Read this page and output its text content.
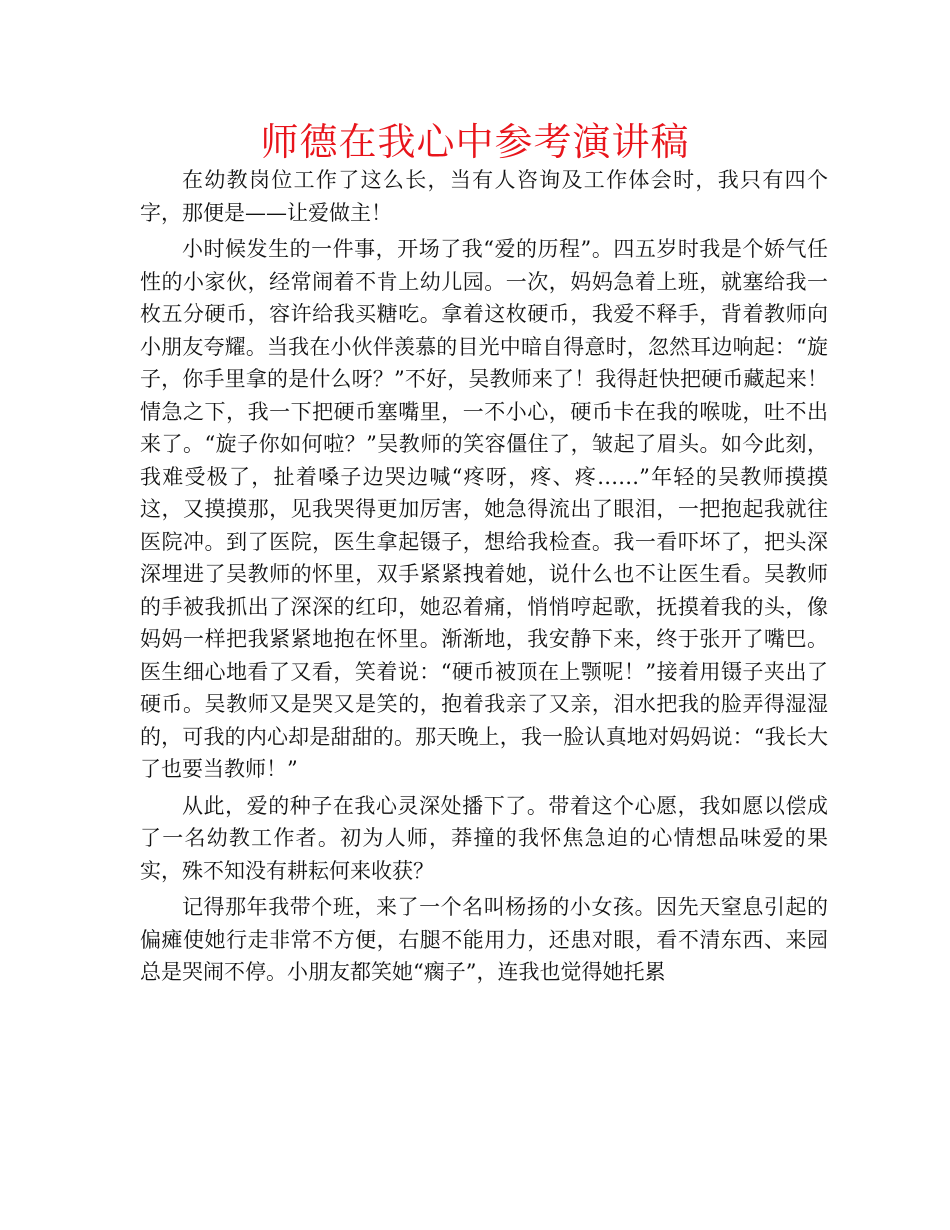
师德在我心中参考演讲稿

在幼教岗位工作了这么长，当有人咨询及工作体会时，我只有四个字，那便是——让爱做主！

小时候发生的一件事，开场了我“爱的历程”。四五岁时我是个娇气任性的小家伙，经常闹着不肯上幼儿园。一次，妈妈急着上班，就塞给我一枚五分硬币，容许给我买糖吃。拿着这枚硬币，我爱不释手，背着教师向小朋友夸耀。当我在小伙伴羡慕的目光中暗自得意时，忽然耳边响起：“旋子，你手里拿的是什么呀？”不好，吴教师来了！我得赶快把硬币藏起来！情急之下，我一下把硬币塞嘴里，一不小心，硬币卡在我的喉咙，吐不出来了。“旋子你如何啦？”吴教师的笑容僵住了，皱起了眉头。如今此刻，我难受极了，扯着嗓子边哭边喊“疼呀，疼、疼……”年轻的吴教师摸摸这，又摸摸那，见我哭得更加厉害，她急得流出了眼泪，一把抱起我就往医院冲。到了医院，医生拿起镊子，想给我检查。我一看吓坏了，把头深深埋进了吴教师的怀里，双手紧紧拽着她，说什么也不让医生看。吴教师的手被我抓出了深深的红印，她忍着痛，悄悄哼起歌，抚摸着我的头，像妈妈一样把我紧紧地抱在怀里。渐渐地，我安静下来，终于张开了嘴巴。医生细心地看了又看，笑着说：“硬币被顶在上颚呢！”接着用镊子夹出了硬币。吴教师又是哭又是笑的，抱着我亲了又亲，泪水把我的脸弄得湿湿的，可我的内心却是甜甜的。那天晚上，我一脸认真地对妈妈说：“我长大了也要当教师！”

从此，爱的种子在我心灵深处播下了。带着这个心愿，我如愿以偿成了一名幼教工作者。初为人师，莽撞的我怀焦急迫的心情想品味爱的果实，殊不知没有耕耘何来收获？

记得那年我带个班，来了一个名叫杨扬的小女孩。因先天窒息引起的偏瘫使她行走非常不方便，右腿不能用力，还患对眼，看不清东西、来园总是哭闹不停。小朋友都笑她“瘸子”，连我也觉得她托累
